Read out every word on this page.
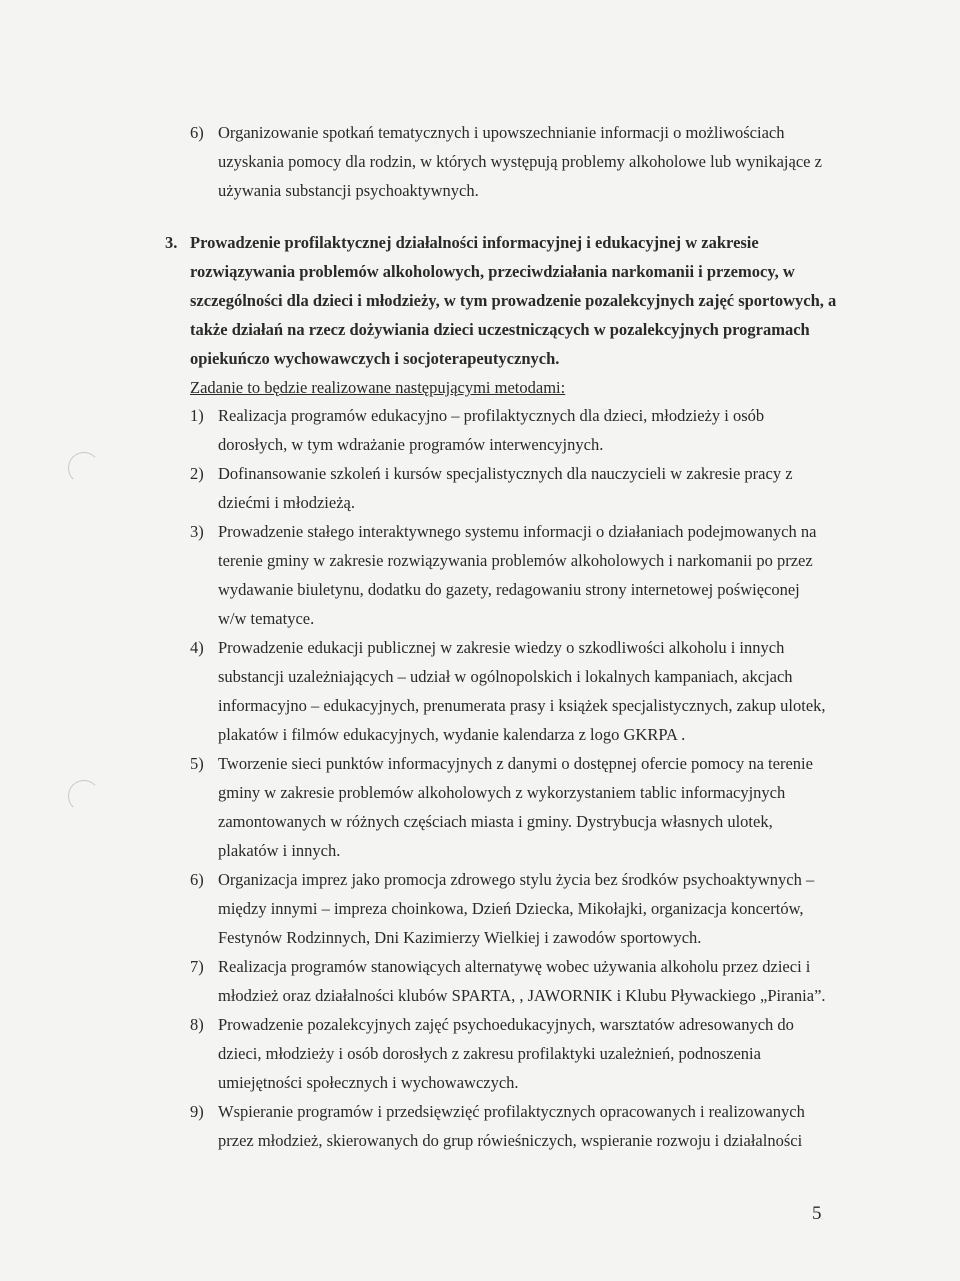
6) Organizowanie spotkań tematycznych i upowszechnianie informacji o możliwościach uzyskania pomocy dla rodzin, w których występują problemy alkoholowe lub wynikające z używania substancji psychoaktywnych.
3. Prowadzenie profilaktycznej działalności informacyjnej i edukacyjnej w zakresie rozwiązywania problemów alkoholowych, przeciwdziałania narkomanii i przemocy, w szczególności dla dzieci i młodzieży, w tym prowadzenie pozalekcyjnych zajęć sportowych, a także działań na rzecz dożywiania dzieci uczestniczących w pozalekcyjnych programach opiekuńczo wychowawczych i socjoterapeutycznych.
Zadanie to będzie realizowane następującymi metodami:
1) Realizacja programów edukacyjno – profilaktycznych dla dzieci, młodzieży i osób dorosłych, w tym wdrażanie programów interwencyjnych.
2) Dofinansowanie szkoleń i kursów specjalistycznych dla nauczycieli w zakresie pracy z dziećmi i młodzieżą.
3) Prowadzenie stałego interaktywnego systemu informacji o działaniach podejmowanych na terenie gminy w zakresie rozwiązywania problemów alkoholowych i narkomanii po przez wydawanie biuletynu, dodatku do gazety, redagowaniu strony internetowej poświęconej w/w tematyce.
4) Prowadzenie edukacji publicznej w zakresie wiedzy o szkodliwości alkoholu i innych substancji uzależniających – udział w ogólnopolskich i lokalnych kampaniach, akcjach informacyjno – edukacyjnych, prenumerata prasy i książek specjalistycznych, zakup ulotek, plakatów i filmów edukacyjnych, wydanie kalendarza z logo GKRPA .
5) Tworzenie sieci punktów informacyjnych z danymi o dostępnej ofercie pomocy na terenie gminy w zakresie problemów alkoholowych z wykorzystaniem tablic informacyjnych zamontowanych w różnych częściach miasta i gminy. Dystrybucja własnych ulotek, plakatów i innych.
6) Organizacja imprez jako promocja zdrowego stylu życia bez środków psychoaktywnych – między innymi – impreza choinkowa, Dzień Dziecka, Mikołajki, organizacja koncertów, Festynów Rodzinnych, Dni Kazimierzy Wielkiej i zawodów sportowych.
7) Realizacja programów stanowiących alternatywę wobec używania alkoholu przez dzieci i młodzież oraz działalności klubów SPARTA, , JAWORNIK i Klubu Pływackiego „Pirania”.
8) Prowadzenie pozalekcyjnych zajęć psychoedukacyjnych, warsztatów adresowanych do dzieci, młodzieży i osób dorosłych z zakresu profilaktyki uzależnień, podnoszenia umiejętności społecznych i wychowawczych.
9) Wspieranie programów i przedsięwzięć profilaktycznych opracowanych i realizowanych przez młodzież, skierowanych do grup rówieśniczych, wspieranie rozwoju i działalności
5
